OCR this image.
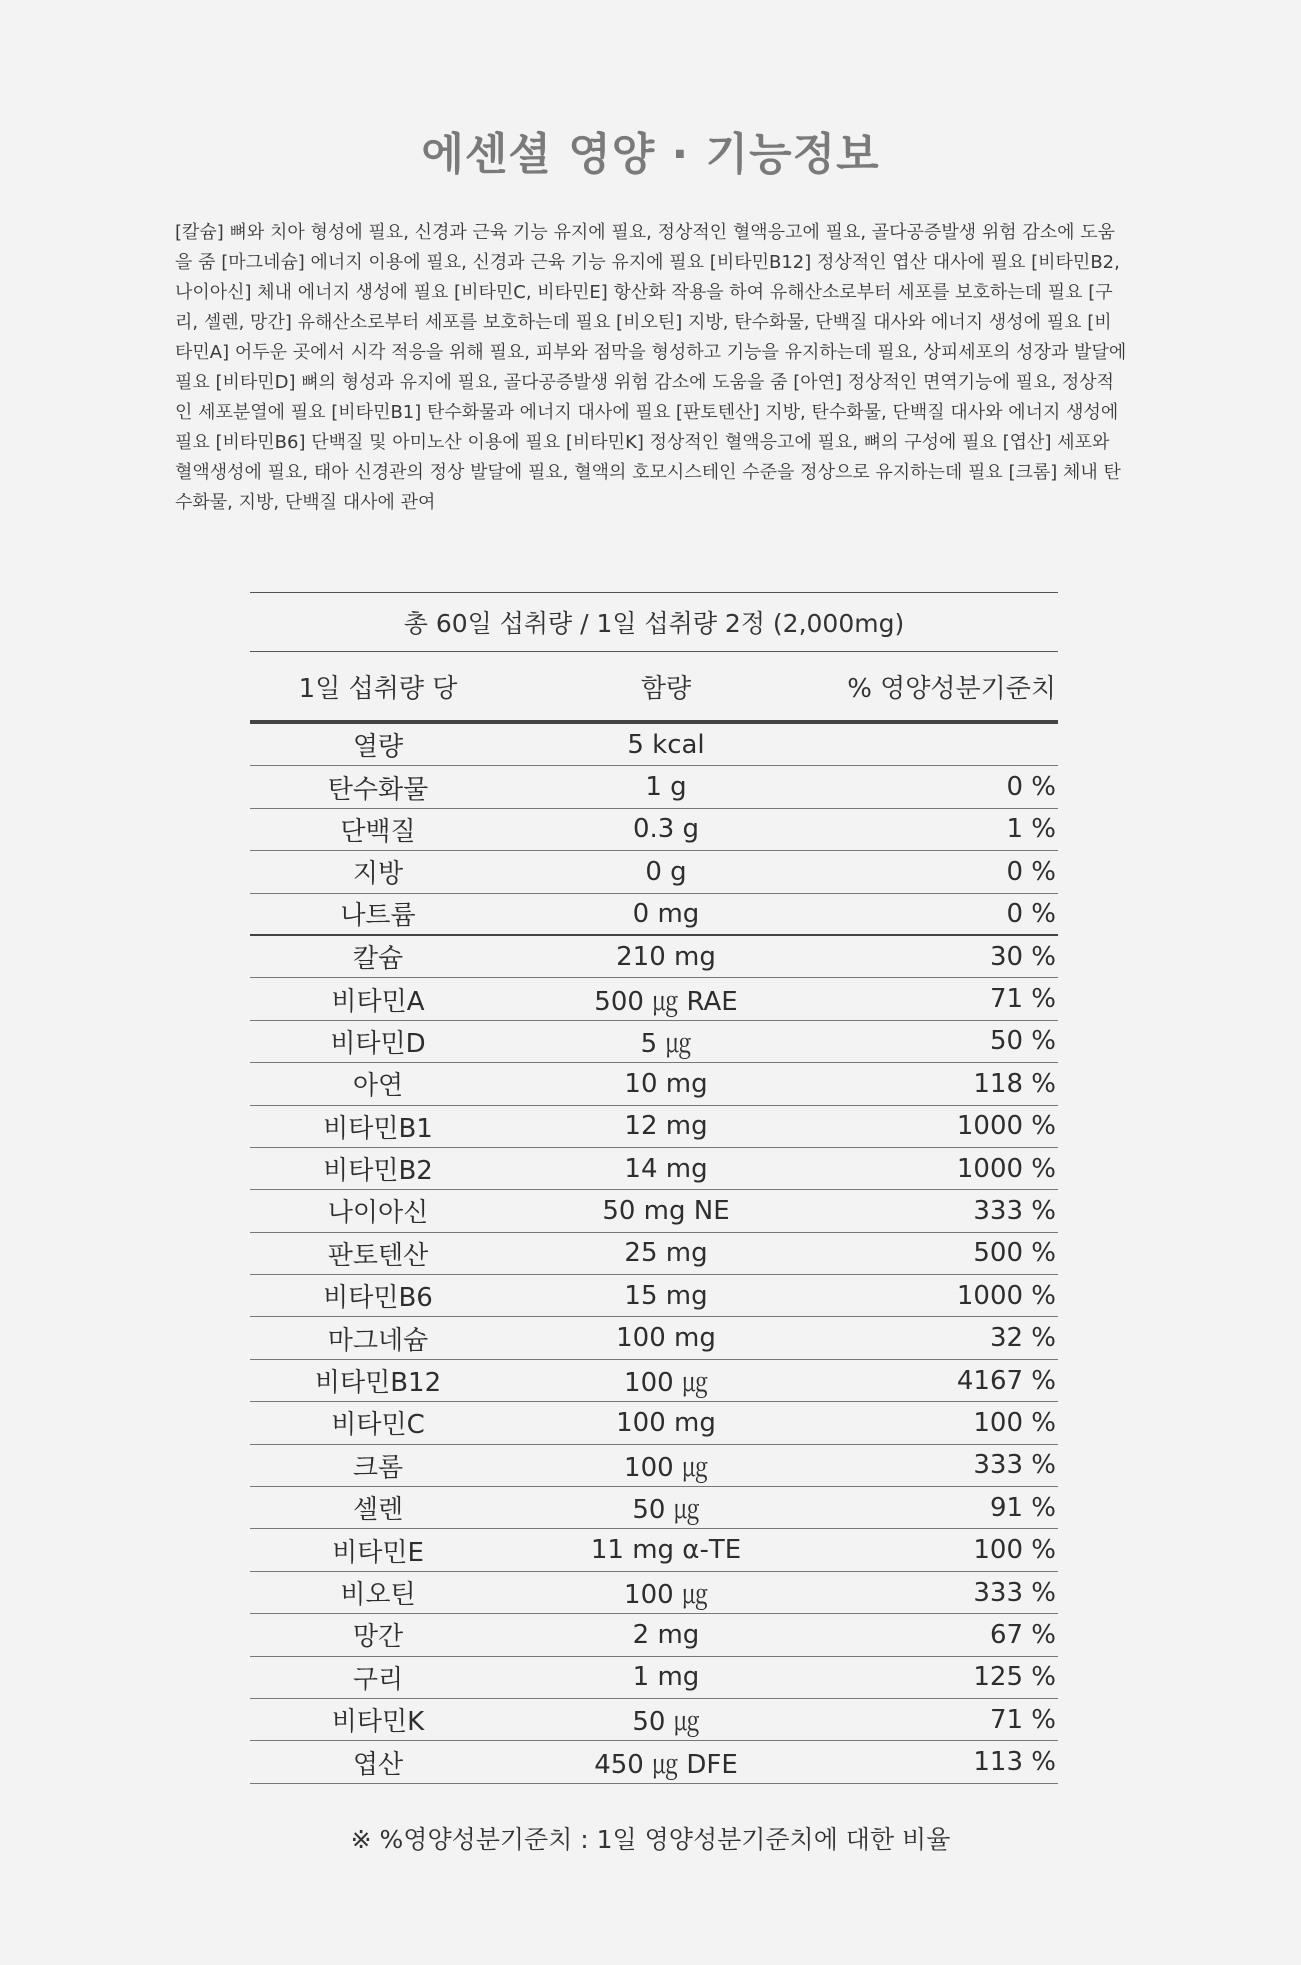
에센셜 영양 · 기능정보

[칼슘] 뼈와 치아 형성에 필요, 신경과 근육 기능 유지에 필요, 정상적인 혈액응고에 필요, 골다공증발생 위험 감소에 도움을 줌 [마그네슘] 에너지 이용에 필요, 신경과 근육 기능 유지에 필요 [비타민B12] 정상적인 엽산 대사에 필요 [비타민B2, 나이아신] 체내 에너지 생성에 필요 [비타민C, 비타민E] 항산화 작용을 하여 유해산소로부터 세포를 보호하는데 필요 [구리, 셀렌, 망간] 유해산소로부터 세포를 보호하는데 필요 [비오틴] 지방, 탄수화물, 단백질 대사와 에너지 생성에 필요 [비타민A] 어두운 곳에서 시각 적응을 위해 필요, 피부와 점막을 형성하고 기능을 유지하는데 필요, 상피세포의 성장과 발달에 필요 [비타민D] 뼈의 형성과 유지에 필요, 골다공증발생 위험 감소에 도움을 줌 [아연] 정상적인 면역기능에 필요, 정상적인 세포분열에 필요 [비타민B1] 탄수화물과 에너지 대사에 필요 [판토텐산] 지방, 탄수화물, 단백질 대사와 에너지 생성에 필요 [비타민B6] 단백질 및 아미노산 이용에 필요 [비타민K] 정상적인 혈액응고에 필요, 뼈의 구성에 필요 [엽산] 세포와 혈액생성에 필요, 태아 신경관의 정상 발달에 필요, 혈액의 호모시스테인 수준을 정상으로 유지하는데 필요 [크롬] 체내 탄수화물, 지방, 단백질 대사에 관여

총 60일 섭취량 / 1일 섭취량 2정 (2,000mg)
1일 섭취량 당	함량	% 영양성분기준치
열량	5 kcal
탄수화물	1 g	0 %
단백질	0.3 g	1 %
지방	0 g	0 %
나트륨	0 mg	0 %
칼슘	210 mg	30 %
비타민A	500 ㎍ RAE	71 %
비타민D	5 ㎍	50 %
아연	10 mg	118 %
비타민B1	12 mg	1000 %
비타민B2	14 mg	1000 %
나이아신	50 mg NE	333 %
판토텐산	25 mg	500 %
비타민B6	15 mg	1000 %
마그네슘	100 mg	32 %
비타민B12	100 ㎍	4167 %
비타민C	100 mg	100 %
크롬	100 ㎍	333 %
셀렌	50 ㎍	91 %
비타민E	11 mg α-TE	100 %
비오틴	100 ㎍	333 %
망간	2 mg	67 %
구리	1 mg	125 %
비타민K	50 ㎍	71 %
엽산	450 ㎍ DFE	113 %
※ %영양성분기준치 : 1일 영양성분기준치에 대한 비율
